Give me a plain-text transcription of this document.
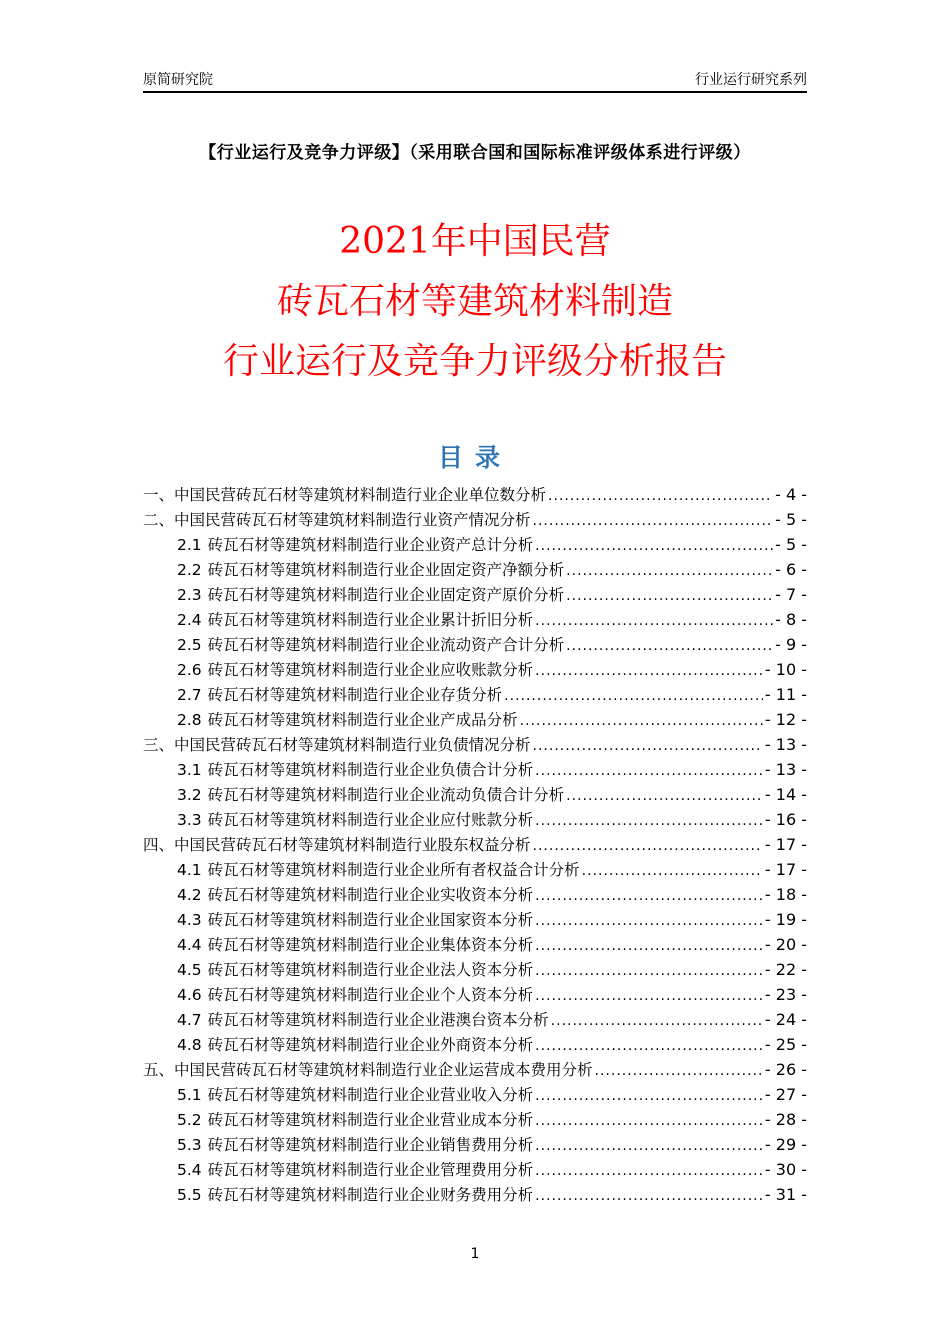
原简研究院	行业运行研究系列
【行业运行及竞争力评级】（采用联合国和国际标准评级体系进行评级）
2021年中国民营
砖瓦石材等建筑材料制造
行业运行及竞争力评级分析报告
目录
一、中国民营砖瓦石材等建筑材料制造行业企业单位数分析 .....	- 4 -
二、中国民营砖瓦石材等建筑材料制造行业资产情况分析 .....	- 5 -
2.1 砖瓦石材等建筑材料制造行业企业资产总计分析 .....	- 5 -
2.2 砖瓦石材等建筑材料制造行业企业固定资产净额分析 .....	- 6 -
2.3 砖瓦石材等建筑材料制造行业企业固定资产原价分析 .....	- 7 -
2.4 砖瓦石材等建筑材料制造行业企业累计折旧分析 .....	- 8 -
2.5 砖瓦石材等建筑材料制造行业企业流动资产合计分析 .....	- 9 -
2.6 砖瓦石材等建筑材料制造行业企业应收账款分析 .....	- 10 -
2.7 砖瓦石材等建筑材料制造行业企业存货分析 .....	- 11 -
2.8 砖瓦石材等建筑材料制造行业企业产成品分析 .....	- 12 -
三、中国民营砖瓦石材等建筑材料制造行业负债情况分析 .....	- 13 -
3.1 砖瓦石材等建筑材料制造行业企业负债合计分析 .....	- 13 -
3.2 砖瓦石材等建筑材料制造行业企业流动负债合计分析 .....	- 14 -
3.3 砖瓦石材等建筑材料制造行业企业应付账款分析 .....	- 16 -
四、中国民营砖瓦石材等建筑材料制造行业股东权益分析 .....	- 17 -
4.1 砖瓦石材等建筑材料制造行业企业所有者权益合计分析 .....	- 17 -
4.2 砖瓦石材等建筑材料制造行业企业实收资本分析 .....	- 18 -
4.3 砖瓦石材等建筑材料制造行业企业国家资本分析 .....	- 19 -
4.4 砖瓦石材等建筑材料制造行业企业集体资本分析 .....	- 20 -
4.5 砖瓦石材等建筑材料制造行业企业法人资本分析 .....	- 22 -
4.6 砖瓦石材等建筑材料制造行业企业个人资本分析 .....	- 23 -
4.7 砖瓦石材等建筑材料制造行业企业港澳台资本分析 .....	- 24 -
4.8 砖瓦石材等建筑材料制造行业企业外商资本分析 .....	- 25 -
五、中国民营砖瓦石材等建筑材料制造行业企业运营成本费用分析 .....	- 26 -
5.1 砖瓦石材等建筑材料制造行业企业营业收入分析 .....	- 27 -
5.2 砖瓦石材等建筑材料制造行业企业营业成本分析 .....	- 28 -
5.3 砖瓦石材等建筑材料制造行业企业销售费用分析 .....	- 29 -
5.4 砖瓦石材等建筑材料制造行业企业管理费用分析 .....	- 30 -
5.5 砖瓦石材等建筑材料制造行业企业财务费用分析 .....	- 31 -
1
